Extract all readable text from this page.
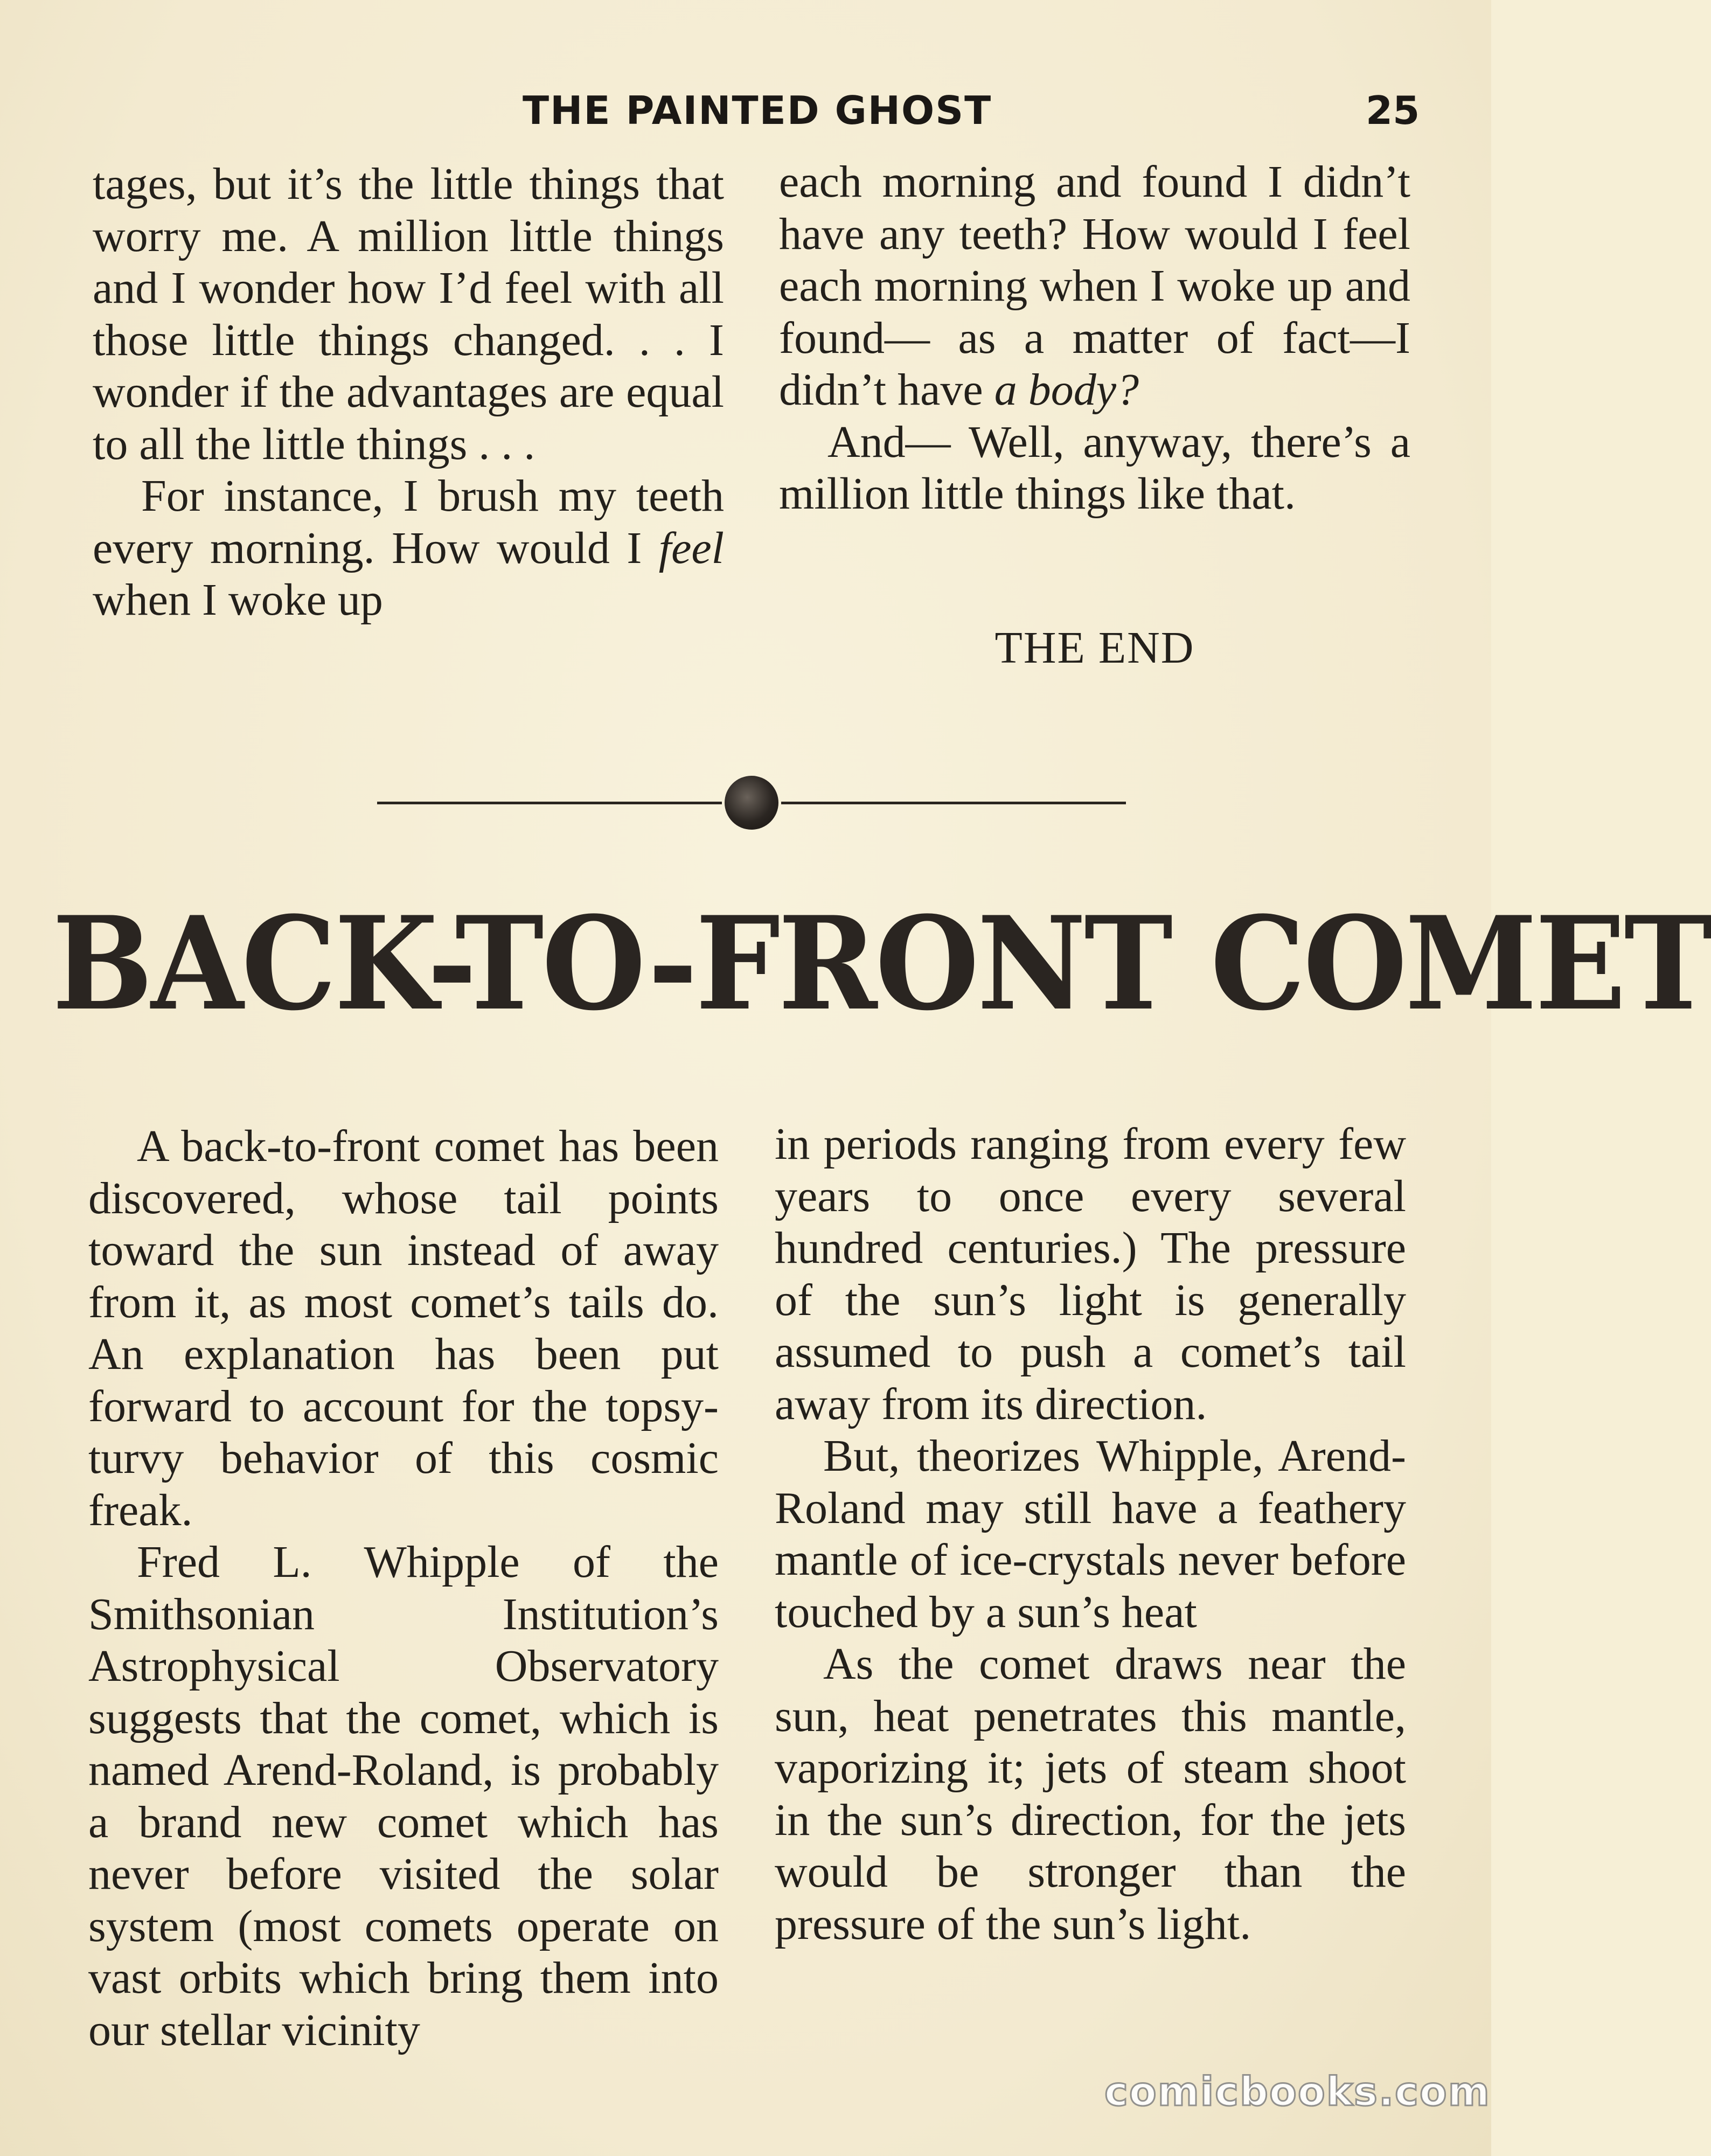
THE PAINTED GHOST	25

tages, but it’s the little things that worry me. A million little things and I wonder how I’d feel with all those little things changed. . . I wonder if the advantages are equal to all the little things . . .

For instance, I brush my teeth every morning. How would I feel when I woke up

each morning and found I didn’t have any teeth? How would I feel each morning when I woke up and found— as a matter of fact—I didn’t have a body?

And— Well, anyway, there’s a million little things like that.

THE END
BACK-TO-FRONT COMET

A back-to-front comet has been discovered, whose tail points toward the sun instead of away from it, as most comet’s tails do. An explanation has been put forward to account for the topsy-turvy behavior of this cosmic freak.

Fred L. Whipple of the Smithsonian Institution’s Astrophysical Observatory suggests that the comet, which is named Arend-Roland, is probably a brand new comet which has never before visited the solar system (most comets operate on vast orbits which bring them into our stellar vicinity

in periods ranging from every few years to once every several hundred centuries.) The pressure of the sun’s light is generally assumed to push a comet’s tail away from its direction.

But, theorizes Whipple, Arend-Roland may still have a feathery mantle of ice-crystals never before touched by a sun’s heat

As the comet draws near the sun, heat penetrates this mantle, vaporizing it; jets of steam shoot in the sun’s direction, for the jets would be stronger than the pressure of the sun’s light.

comicbooks.com
